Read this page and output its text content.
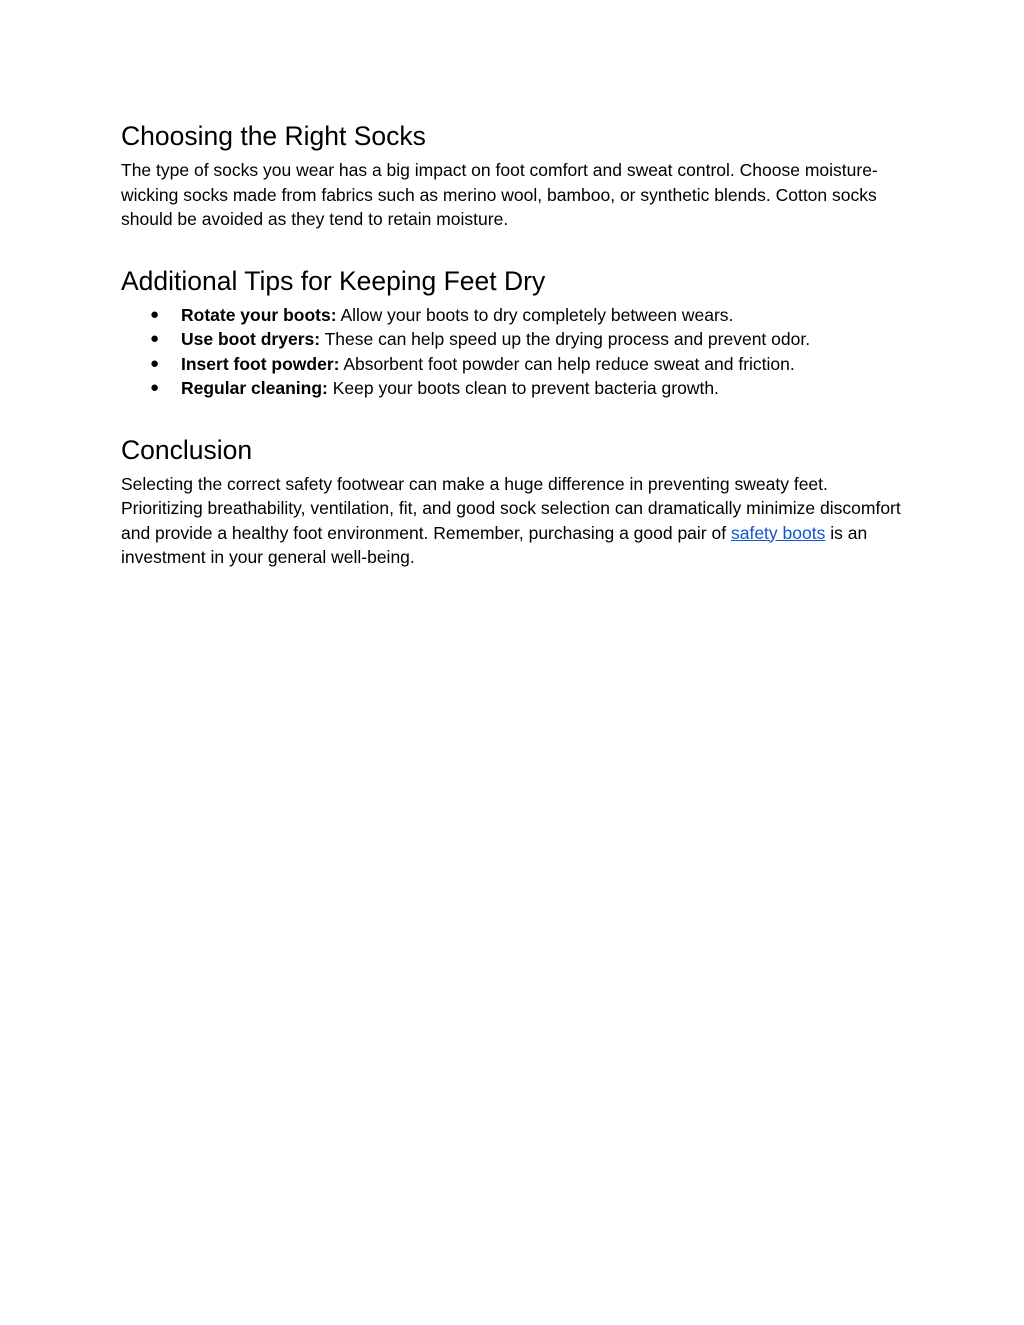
Choosing the Right Socks

The type of socks you wear has a big impact on foot comfort and sweat control. Choose moisture-wicking socks made from fabrics such as merino wool, bamboo, or synthetic blends. Cotton socks should be avoided as they tend to retain moisture.

Additional Tips for Keeping Feet Dry
● Rotate your boots: Allow your boots to dry completely between wears.
● Use boot dryers: These can help speed up the drying process and prevent odor.
● Insert foot powder: Absorbent foot powder can help reduce sweat and friction.
● Regular cleaning: Keep your boots clean to prevent bacteria growth.
Conclusion

Selecting the correct safety footwear can make a huge difference in preventing sweaty feet. Prioritizing breathability, ventilation, fit, and good sock selection can dramatically minimize discomfort and provide a healthy foot environment. Remember, purchasing a good pair of safety boots is an investment in your general well-being.
